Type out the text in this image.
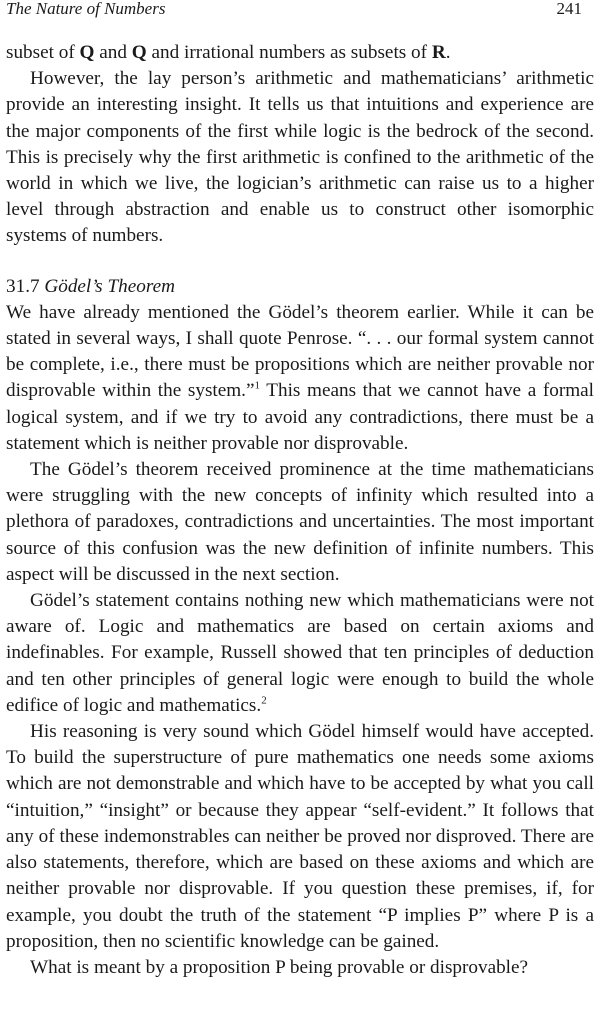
The Nature of Numbers	241

subset of Q and Q and irrational numbers as subsets of R.

However, the lay person’s arithmetic and mathematicians’ arithmetic provide an interesting insight. It tells us that intuitions and experience are the major components of the first while logic is the bedrock of the second. This is precisely why the first arithmetic is confined to the arithmetic of the world in which we live, the logician’s arithmetic can raise us to a higher level through abstraction and enable us to construct other isomorphic systems of numbers.

31.7 Gödel’s Theorem

We have already mentioned the Gödel’s theorem earlier. While it can be stated in several ways, I shall quote Penrose. “. . . our formal system cannot be complete, i.e., there must be propositions which are neither provable nor disprovable within the system.”$^1$ This means that we cannot have a formal logical system, and if we try to avoid any contradictions, there must be a statement which is neither provable nor disprovable.

The Gödel’s theorem received prominence at the time mathematicians were struggling with the new concepts of infinity which resulted into a plethora of paradoxes, contradictions and uncertainties. The most important source of this confusion was the new definition of infinite numbers. This aspect will be discussed in the next section.

Gödel’s statement contains nothing new which mathematicians were not aware of. Logic and mathematics are based on certain axioms and indefinables. For example, Russell showed that ten principles of deduction and ten other principles of general logic were enough to build the whole edifice of logic and mathematics.$^2$

His reasoning is very sound which Gödel himself would have accepted. To build the superstructure of pure mathematics one needs some axioms which are not demonstrable and which have to be accepted by what you call “intuition,” “insight” or because they appear “self-evident.” It follows that any of these indemonstrables can neither be proved nor disproved. There are also statements, therefore, which are based on these axioms and which are neither provable nor disprovable. If you question these premises, if, for example, you doubt the truth of the statement “P implies P” where P is a proposition, then no scientific knowledge can be gained.

What is meant by a proposition P being provable or disprovable?
